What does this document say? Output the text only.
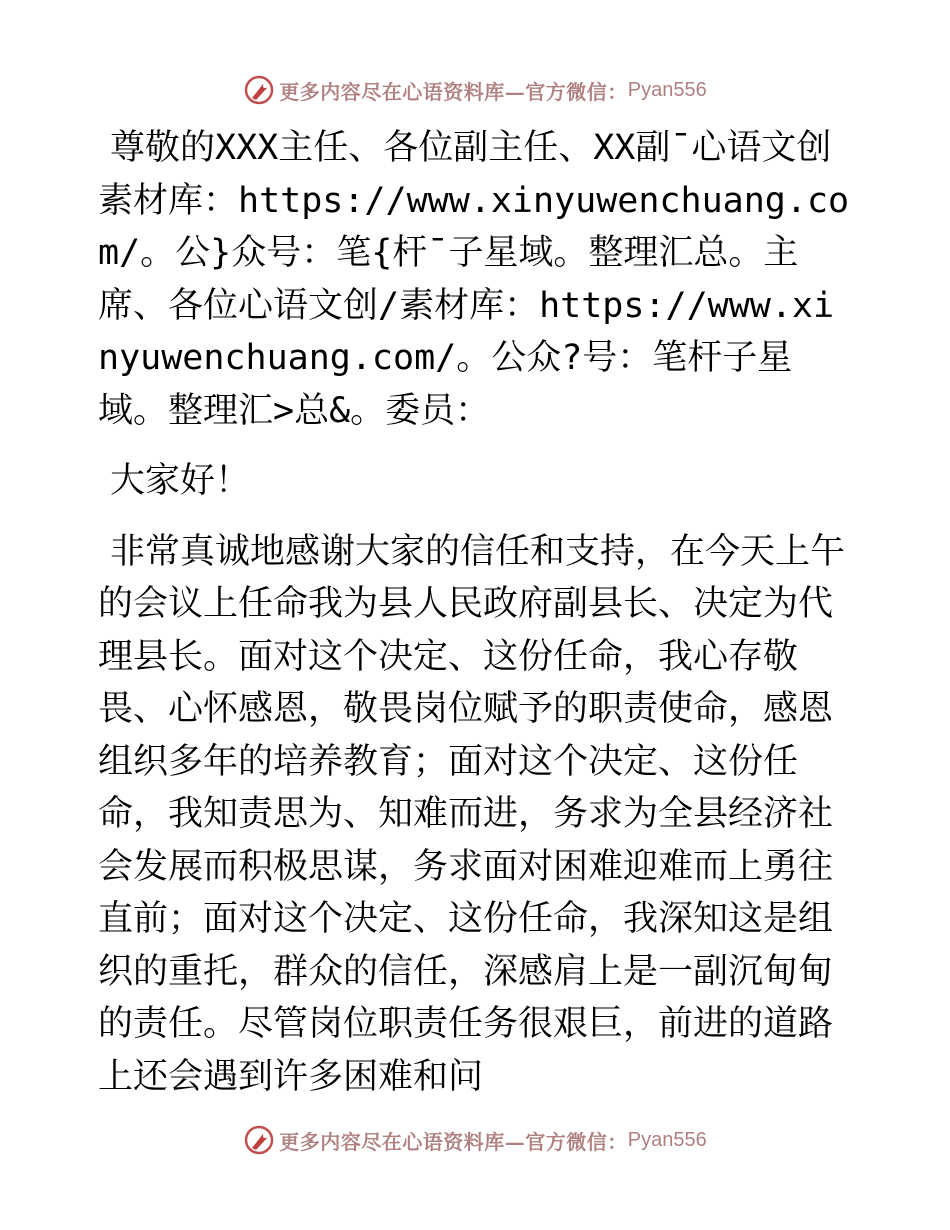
更多内容尽在心语资料库—官方微信： Pyan556

尊敬的XXX主任、各位副主任、XX副¯心语文创素材库：https://www.xinyuwenchuang.com/。公}众号：笔{杆¯子星域。整理汇总。主席、各位心语文创/素材库：https://www.xinyuwenchuang.com/。公众?号：笔杆子星域。整理汇>总&。委员：

大家好！

非常真诚地感谢大家的信任和支持，在今天上午的会议上任命我为县人民政府副县长、决定为代理县长。面对这个决定、这份任命，我心存敬畏、心怀感恩，敬畏岗位赋予的职责使命，感恩组织多年的培养教育；面对这个决定、这份任命，我知责思为、知难而进，务求为全县经济社会发展而积极思谋，务求面对困难迎难而上勇往直前；面对这个决定、这份任命，我深知这是组织的重托，群众的信任，深感肩上是一副沉甸甸的责任。尽管岗位职责任务很艰巨，前进的道路上还会遇到许多困难和问

更多内容尽在心语资料库—官方微信： Pyan556
